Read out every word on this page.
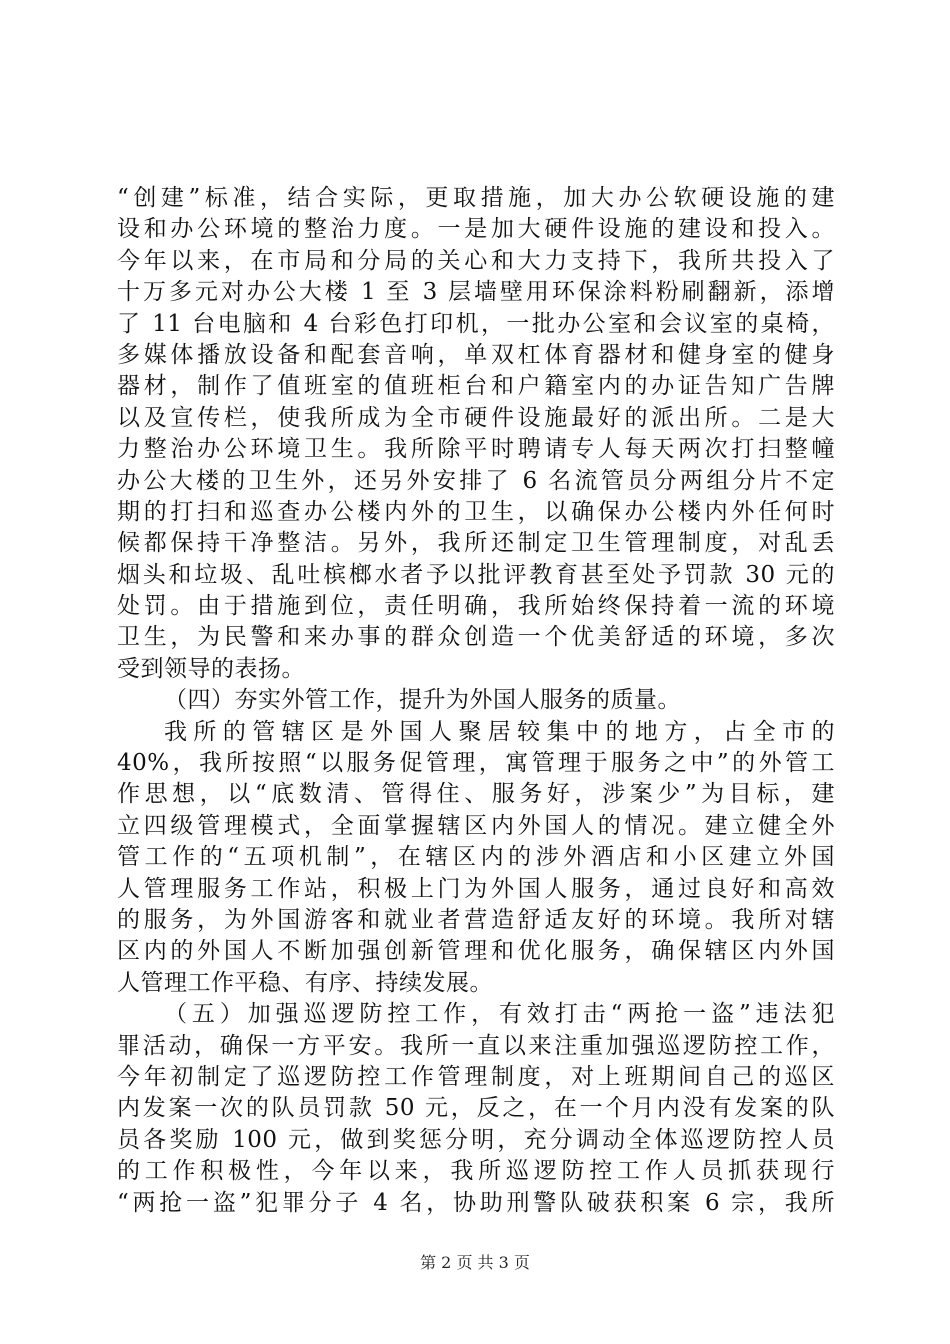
“创建”标准，结合实际，更取措施，加大办公软硬设施的建
设和办公环境的整治力度。一是加大硬件设施的建设和投入。
今年以来，在市局和分局的关心和大力支持下，我所共投入了
十万多元对办公大楼 1 至 3 层墙壁用环保涂料粉刷翻新，添增
了 11 台电脑和 4 台彩色打印机，一批办公室和会议室的桌椅，
多媒体播放设备和配套音响，单双杠体育器材和健身室的健身
器材，制作了值班室的值班柜台和户籍室内的办证告知广告牌
以及宣传栏，使我所成为全市硬件设施最好的派出所。二是大
力整治办公环境卫生。我所除平时聘请专人每天两次打扫整幢
办公大楼的卫生外，还另外安排了 6 名流管员分两组分片不定
期的打扫和巡查办公楼内外的卫生，以确保办公楼内外任何时
候都保持干净整洁。另外，我所还制定卫生管理制度，对乱丢
烟头和垃圾、乱吐槟榔水者予以批评教育甚至处予罚款 30 元的
处罚。由于措施到位，责任明确，我所始终保持着一流的环境
卫生，为民警和来办事的群众创造一个优美舒适的环境，多次
受到领导的表扬。
（四）夯实外管工作，提升为外国人服务的质量。
我所的管辖区是外国人聚居较集中的地方，占全市的
40%，我所按照“以服务促管理，寓管理于服务之中”的外管工
作思想，以“底数清、管得住、服务好，涉案少”为目标，建
立四级管理模式，全面掌握辖区内外国人的情况。建立健全外
管工作的“五项机制”，在辖区内的涉外酒店和小区建立外国
人管理服务工作站，积极上门为外国人服务，通过良好和高效
的服务，为外国游客和就业者营造舒适友好的环境。我所对辖
区内的外国人不断加强创新管理和优化服务，确保辖区内外国
人管理工作平稳、有序、持续发展。
（五）加强巡逻防控工作，有效打击“两抢一盗”违法犯
罪活动，确保一方平安。我所一直以来注重加强巡逻防控工作，
今年初制定了巡逻防控工作管理制度，对上班期间自己的巡区
内发案一次的队员罚款 50 元，反之，在一个月内没有发案的队
员各奖励 100 元，做到奖惩分明，充分调动全体巡逻防控人员
的工作积极性，今年以来，我所巡逻防控工作人员抓获现行
“两抢一盗”犯罪分子 4 名，协助刑警队破获积案 6 宗，我所
第 2 页 共 3 页
